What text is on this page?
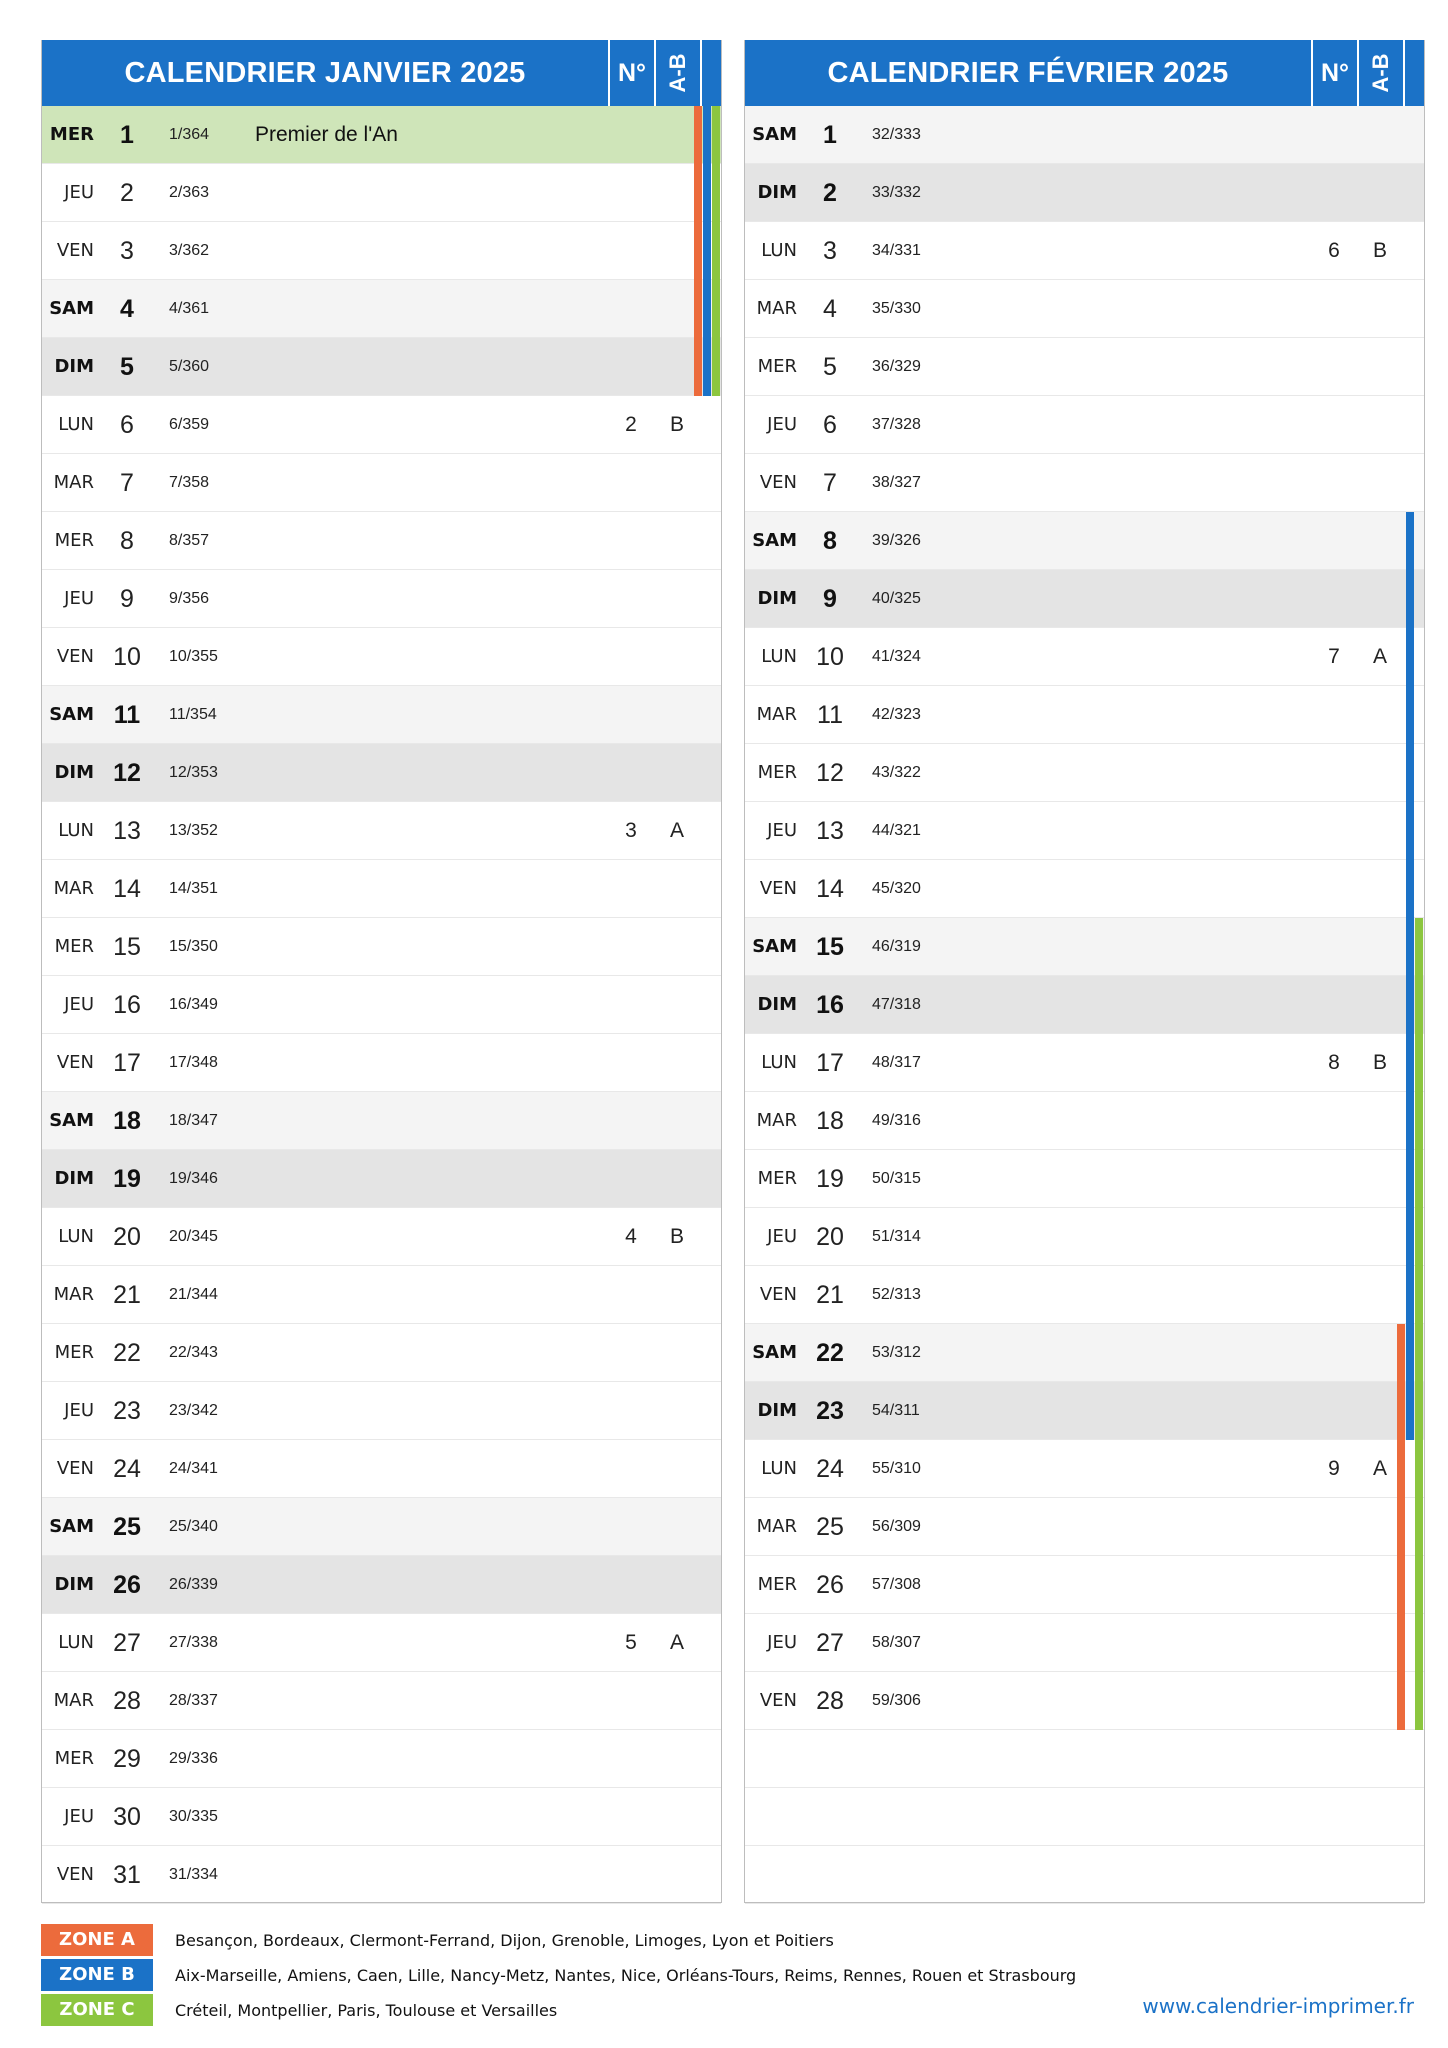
CALENDRIER JANVIER 2025	N° A-B
MER	1	1/364 Premier de l'An
JEU	2	2/363
VEN	3	3/362
SAM	4	4/361
DIM	5	5/360
LUN	6	6/359	2	B
MAR	7	7/358
MER	8	8/357
JEU	9	9/356
VEN 10	10/355
SAM 11	11/354
DIM 12	12/353
LUN 13	13/352	3	A
MAR 14	14/351
MER 15	15/350
JEU 16	16/349
VEN 17	17/348
SAM 18	18/347
DIM 19	19/346
LUN 20	20/345	4	B
MAR 21	21/344
MER 22	22/343
JEU 23	23/342
VEN 24	24/341
SAM 25	25/340
DIM 26	26/339
LUN 27	27/338	5	A
MAR 28	28/337
MER 29	29/336
JEU 30	30/335
VEN 31	31/334
CALENDRIER FÉVRIER 2025	N° A-B
SAM	1	32/333
DIM	2	33/332
LUN	3	34/331	6	B
MAR	4	35/330
MER	5	36/329
JEU	6	37/328
VEN	7	38/327
SAM	8	39/326
DIM	9	40/325
LUN 10	41/324	7	A
MAR 11	42/323
MER 12	43/322
JEU 13	44/321
VEN 14	45/320
SAM 15	46/319
DIM 16	47/318
LUN 17	48/317	8	B
MAR 18	49/316
MER 19	50/315
JEU 20	51/314
VEN 21	52/313
SAM 22	53/312
DIM 23	54/311
LUN 24	55/310	9	A
MAR 25	56/309
MER 26	57/308
JEU 27	58/307
VEN 28	59/306
ZONE A	Besançon, Bordeaux, Clermont-Ferrand, Dijon, Grenoble, Limoges, Lyon et Poitiers
ZONE B	Aix-Marseille, Amiens, Caen, Lille, Nancy-Metz, Nantes, Nice, Orléans-Tours, Reims, Rennes, Rouen et Strasbourg
ZONE C	Créteil, Montpellier, Paris, Toulouse et Versailles	www.calendrier-imprimer.fr
